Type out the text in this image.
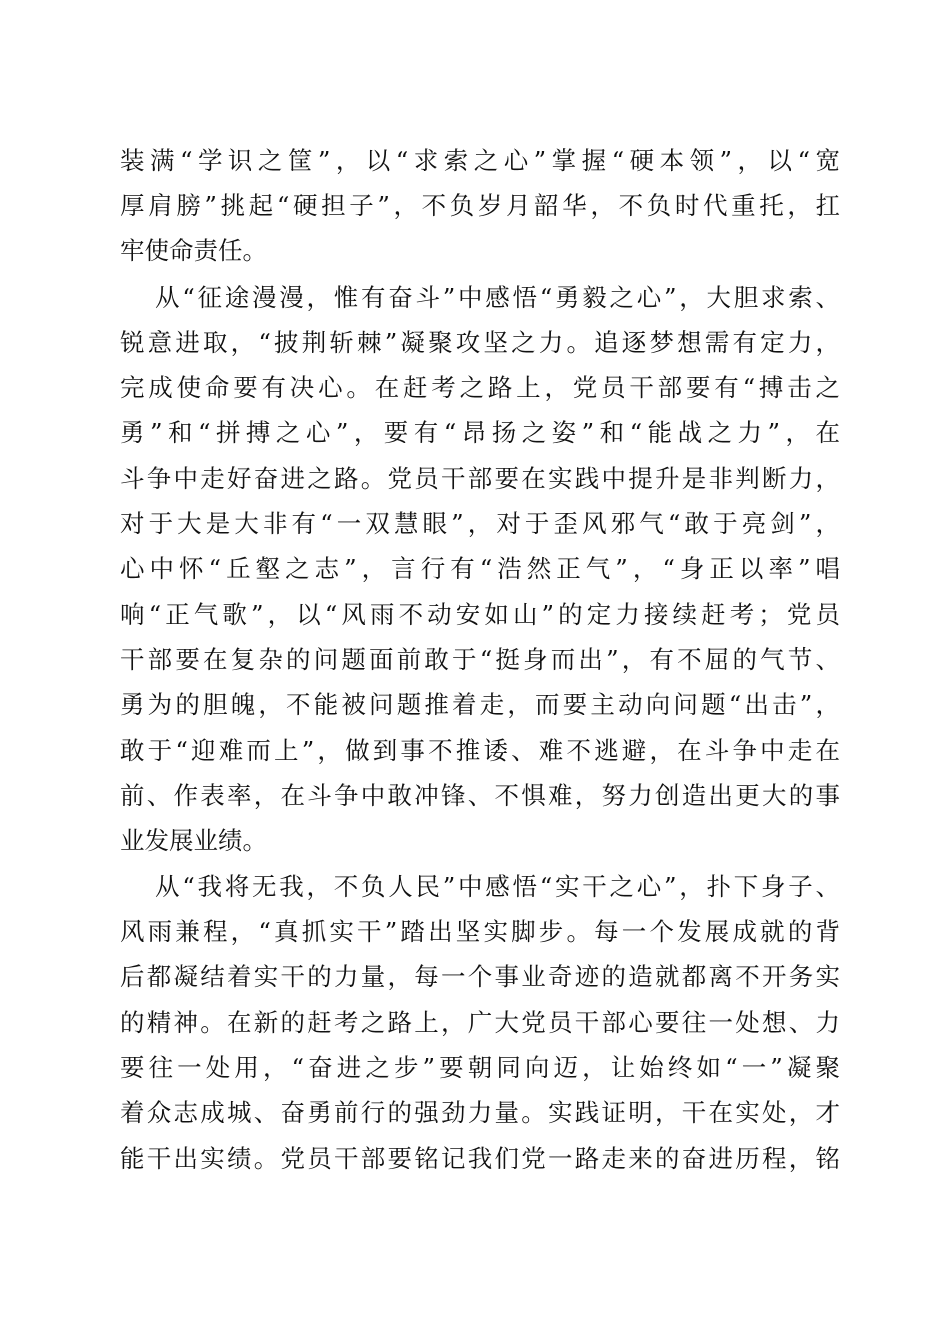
装满“学识之筐”，以“求索之心”掌握“硬本领”，以“宽
厚肩膀”挑起“硬担子”，不负岁月韶华，不负时代重托，扛
牢使命责任。
从“征途漫漫，惟有奋斗”中感悟“勇毅之心”，大胆求索、
锐意进取，“披荆斩棘”凝聚攻坚之力。追逐梦想需有定力，
完成使命要有决心。在赶考之路上，党员干部要有“搏击之
勇”和“拼搏之心”，要有“昂扬之姿”和“能战之力”，在
斗争中走好奋进之路。党员干部要在实践中提升是非判断力，
对于大是大非有“一双慧眼”，对于歪风邪气“敢于亮剑”，
心中怀“丘壑之志”，言行有“浩然正气”，“身正以率”唱
响“正气歌”，以“风雨不动安如山”的定力接续赶考；党员
干部要在复杂的问题面前敢于“挺身而出”，有不屈的气节、
勇为的胆魄，不能被问题推着走，而要主动向问题“出击”，
敢于“迎难而上”，做到事不推诿、难不逃避，在斗争中走在
前、作表率，在斗争中敢冲锋、不惧难，努力创造出更大的事
业发展业绩。
从“我将无我，不负人民”中感悟“实干之心”，扑下身子、
风雨兼程，“真抓实干”踏出坚实脚步。每一个发展成就的背
后都凝结着实干的力量，每一个事业奇迹的造就都离不开务实
的精神。在新的赶考之路上，广大党员干部心要往一处想、力
要往一处用，“奋进之步”要朝同向迈，让始终如“一”凝聚
着众志成城、奋勇前行的强劲力量。实践证明，干在实处，才
能干出实绩。党员干部要铭记我们党一路走来的奋进历程，铭
